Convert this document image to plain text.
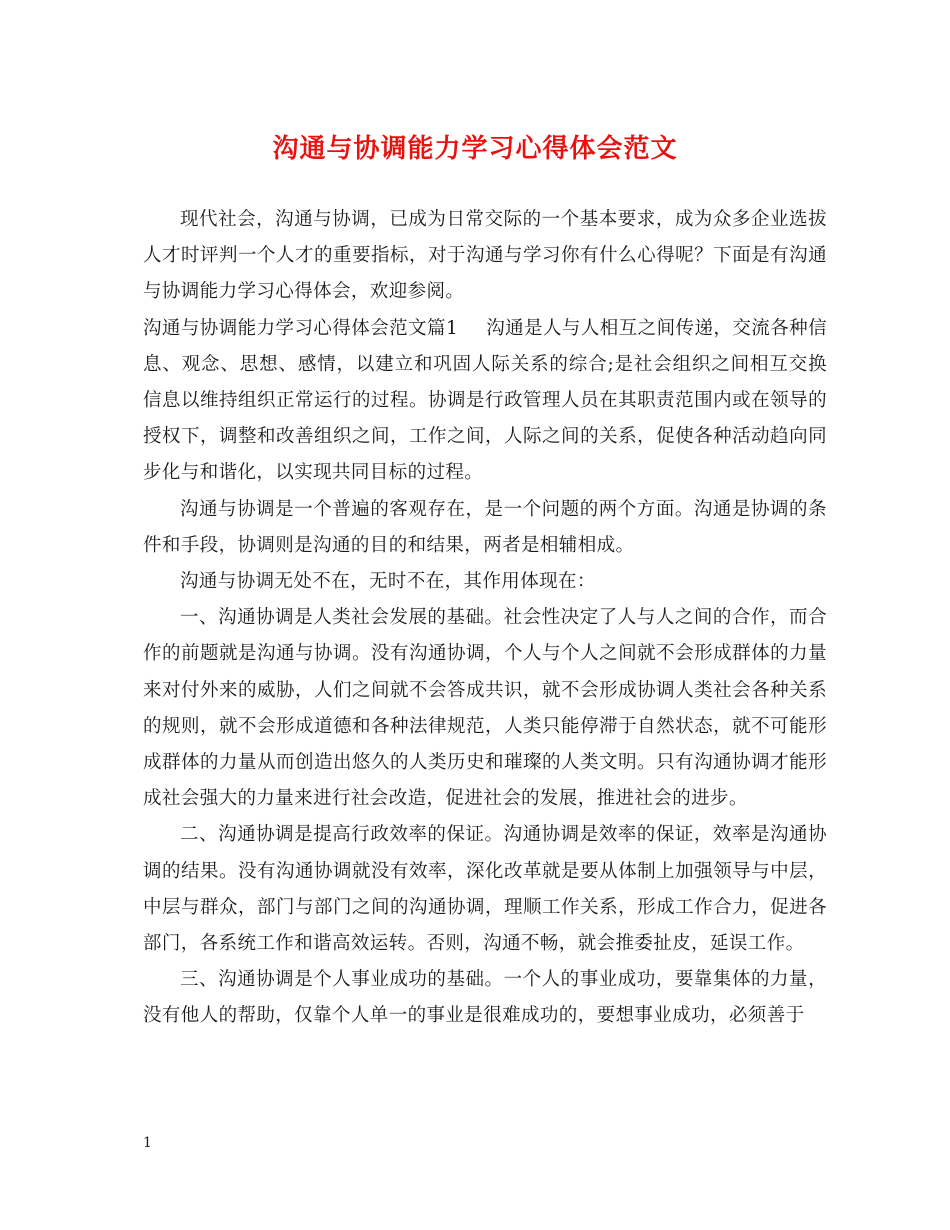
沟通与协调能力学习心得体会范文

现代社会，沟通与协调，已成为日常交际的一个基本要求，成为众多企业选拔人才时评判一个人才的重要指标，对于沟通与学习你有什么心得呢？下面是有沟通与协调能力学习心得体会，欢迎参阅。

沟通与协调能力学习心得体会范文篇1 沟通是人与人相互之间传递，交流各种信息、观念、思想、感情，以建立和巩固人际关系的综合;是社会组织之间相互交换信息以维持组织正常运行的过程。协调是行政管理人员在其职责范围内或在领导的授权下，调整和改善组织之间，工作之间，人际之间的关系，促使各种活动趋向同步化与和谐化，以实现共同目标的过程。

沟通与协调是一个普遍的客观存在，是一个问题的两个方面。沟通是协调的条件和手段，协调则是沟通的目的和结果，两者是相辅相成。

沟通与协调无处不在，无时不在，其作用体现在：

一、沟通协调是人类社会发展的基础。社会性决定了人与人之间的合作，而合作的前题就是沟通与协调。没有沟通协调，个人与个人之间就不会形成群体的力量来对付外来的威胁，人们之间就不会答成共识，就不会形成协调人类社会各种关系的规则，就不会形成道德和各种法律规范，人类只能停滞于自然状态，就不可能形成群体的力量从而创造出悠久的人类历史和璀璨的人类文明。只有沟通协调才能形成社会强大的力量来进行社会改造，促进社会的发展，推进社会的进步。

二、沟通协调是提高行政效率的保证。沟通协调是效率的保证，效率是沟通协调的结果。没有沟通协调就没有效率，深化改革就是要从体制上加强领导与中层，中层与群众，部门与部门之间的沟通协调，理顺工作关系，形成工作合力，促进各部门，各系统工作和谐高效运转。否则，沟通不畅，就会推委扯皮，延误工作。

三、沟通协调是个人事业成功的基础。一个人的事业成功，要靠集体的力量，没有他人的帮助，仅靠个人单一的事业是很难成功的，要想事业成功，必须善于

1
